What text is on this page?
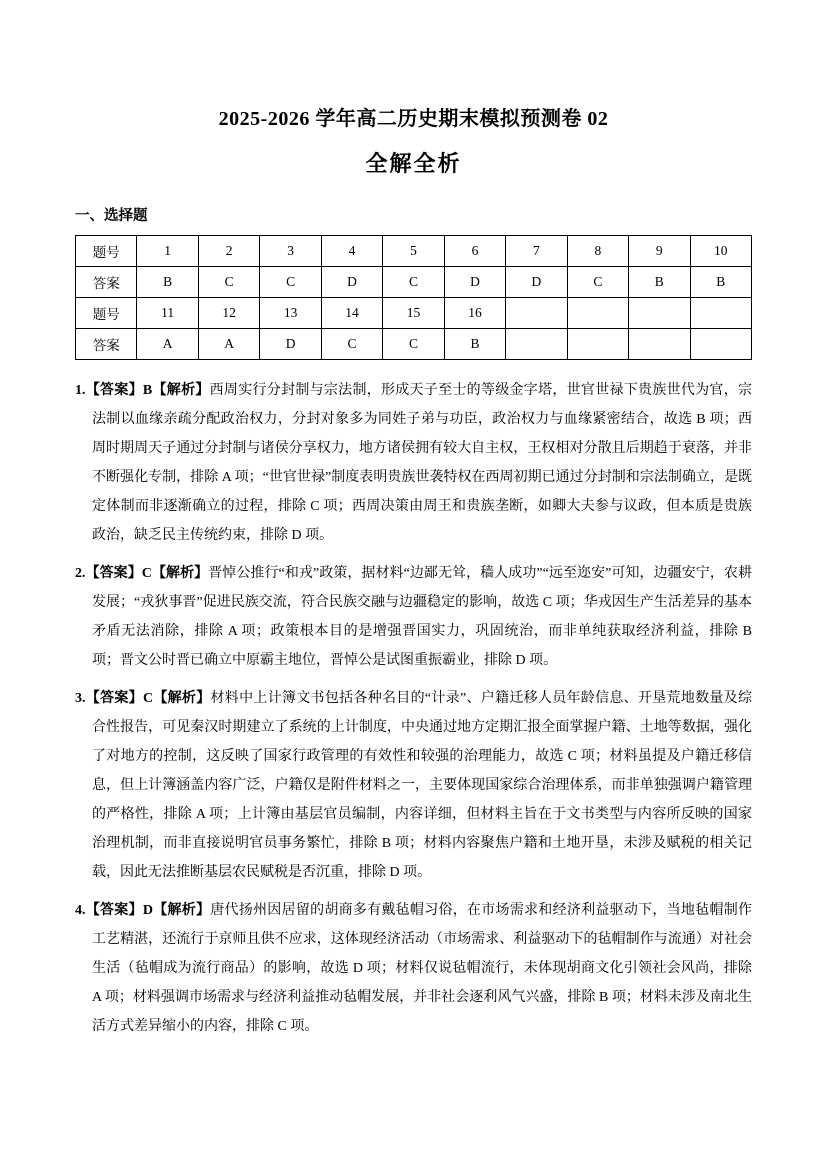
2025-2026 学年高二历史期末模拟预测卷 02
全解全析
一、选择题
题号	1	2	3	4	5	6	7	8	9	10
答案	B	C	C	D	C	D	D	C	B	B
题号	11	12	13	14	15	16				
答案	A	A	D	C	C	B				

1.【答案】B【解析】西周实行分封制与宗法制，形成天子至士的等级金字塔，世官世禄下贵族世代为官，宗法制以血缘亲疏分配政治权力，分封对象多为同姓子弟与功臣，政治权力与血缘紧密结合，故选 B 项；西周时期周天子通过分封制与诸侯分享权力，地方诸侯拥有较大自主权，王权相对分散且后期趋于衰落，并非不断强化专制，排除 A 项；“世官世禄”制度表明贵族世袭特权在西周初期已通过分封制和宗法制确立，是既定体制而非逐渐确立的过程，排除 C 项；西周决策由周王和贵族垄断，如卿大夫参与议政，但本质是贵族政治，缺乏民主传统约束，排除 D 项。

2.【答案】C【解析】晋悼公推行“和戎”政策，据材料“边鄙无耸，穑人成功”“远至迩安”可知，边疆安宁，农耕发展；“戎狄事晋”促进民族交流，符合民族交融与边疆稳定的影响，故选 C 项；华戎因生产生活差异的基本矛盾无法消除，排除 A 项；政策根本目的是增强晋国实力，巩固统治，而非单纯获取经济利益，排除 B 项；晋文公时晋已确立中原霸主地位，晋悼公是试图重振霸业，排除 D 项。

3.【答案】C【解析】材料中上计簿文书包括各种名目的“计录”、户籍迁移人员年龄信息、开垦荒地数量及综合性报告，可见秦汉时期建立了系统的上计制度，中央通过地方定期汇报全面掌握户籍、土地等数据，强化了对地方的控制，这反映了国家行政管理的有效性和较强的治理能力，故选 C 项；材料虽提及户籍迁移信息，但上计簿涵盖内容广泛，户籍仅是附件材料之一，主要体现国家综合治理体系，而非单独强调户籍管理的严格性，排除 A 项；上计簿由基层官员编制，内容详细，但材料主旨在于文书类型与内容所反映的国家治理机制，而非直接说明官员事务繁忙，排除 B 项；材料内容聚焦户籍和土地开垦，未涉及赋税的相关记载，因此无法推断基层农民赋税是否沉重，排除 D 项。

4.【答案】D【解析】唐代扬州因居留的胡商多有戴毡帽习俗，在市场需求和经济利益驱动下，当地毡帽制作工艺精湛，还流行于京师且供不应求，这体现经济活动（市场需求、利益驱动下的毡帽制作与流通）对社会生活（毡帽成为流行商品）的影响，故选 D 项；材料仅说毡帽流行，未体现胡商文化引领社会风尚，排除 A 项；材料强调市场需求与经济利益推动毡帽发展，并非社会逐利风气兴盛，排除 B 项；材料未涉及南北生活方式差异缩小的内容，排除 C 项。
